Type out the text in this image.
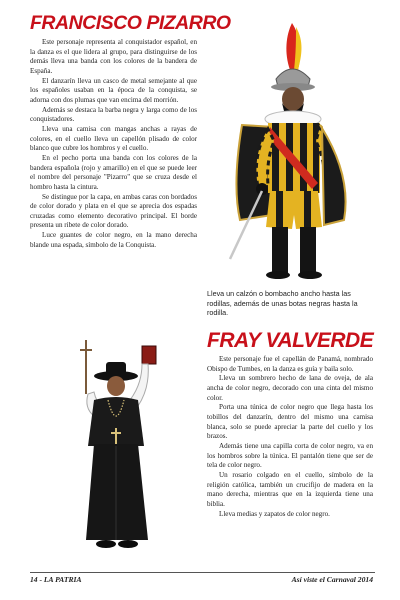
FRANCISCO PIZARRO

Este personaje representa al conquistador español, en la danza es el que lidera al grupo, para distinguirse de los demás lleva una banda con los colores de la bandera de España.

El danzarín lleva un casco de metal semejante al que los españoles usaban en la época de la conquista, se adorna con dos plumas que van encima del morrión.

Además se destaca la barba negra y larga como de los conquistadores.

Lleva una camisa con mangas anchas a rayas de colores, en el cuello lleva un capellón plisado de color blanco que cubre los hombros y el cuello.

En el pecho porta una banda con los colores de la bandera española (rojo y amarillo) en el que se puede leer el nombre del personaje "Pizarro" que se cruza desde el hombro hasta la cintura.

Se distingue por la capa, en ambas caras con bordados de color dorado y plata en el que se aprecia dos espadas cruzadas como elemento decorativo principal. El borde presenta un ribete de color dorado.

Luce guantes de color negro, en la mano derecha blande una espada, símbolo de la Conquista.

Lleva un calzón o bombacho ancho hasta las rodillas, además de unas botas negras hasta la rodilla.
FRAY VALVERDE

Este personaje fue el capellán de Panamá, nombrado Obispo de Tumbes, en la danza es guía y baila solo.

Lleva un sombrero hecho de lana de oveja, de ala ancha de color negro, decorado con una cinta del mismo color.

Porta una túnica de color negro que llega hasta los tobillos del danzarín, dentro del mismo una camisa blanca, solo se puede apreciar la parte del cuello y los brazos.

Además tiene una capilla corta de color negro, va en los hombros sobre la túnica. El pantalón tiene que ser de tela de color negro.

Un rosario colgado en el cuello, símbolo de la religión católica, también un crucifijo de madera en la mano derecha, mientras que en la izquierda tiene una biblia.

Lleva medias y zapatos de color negro.

14 - LA PATRIA	Así viste el Carnaval 2014
